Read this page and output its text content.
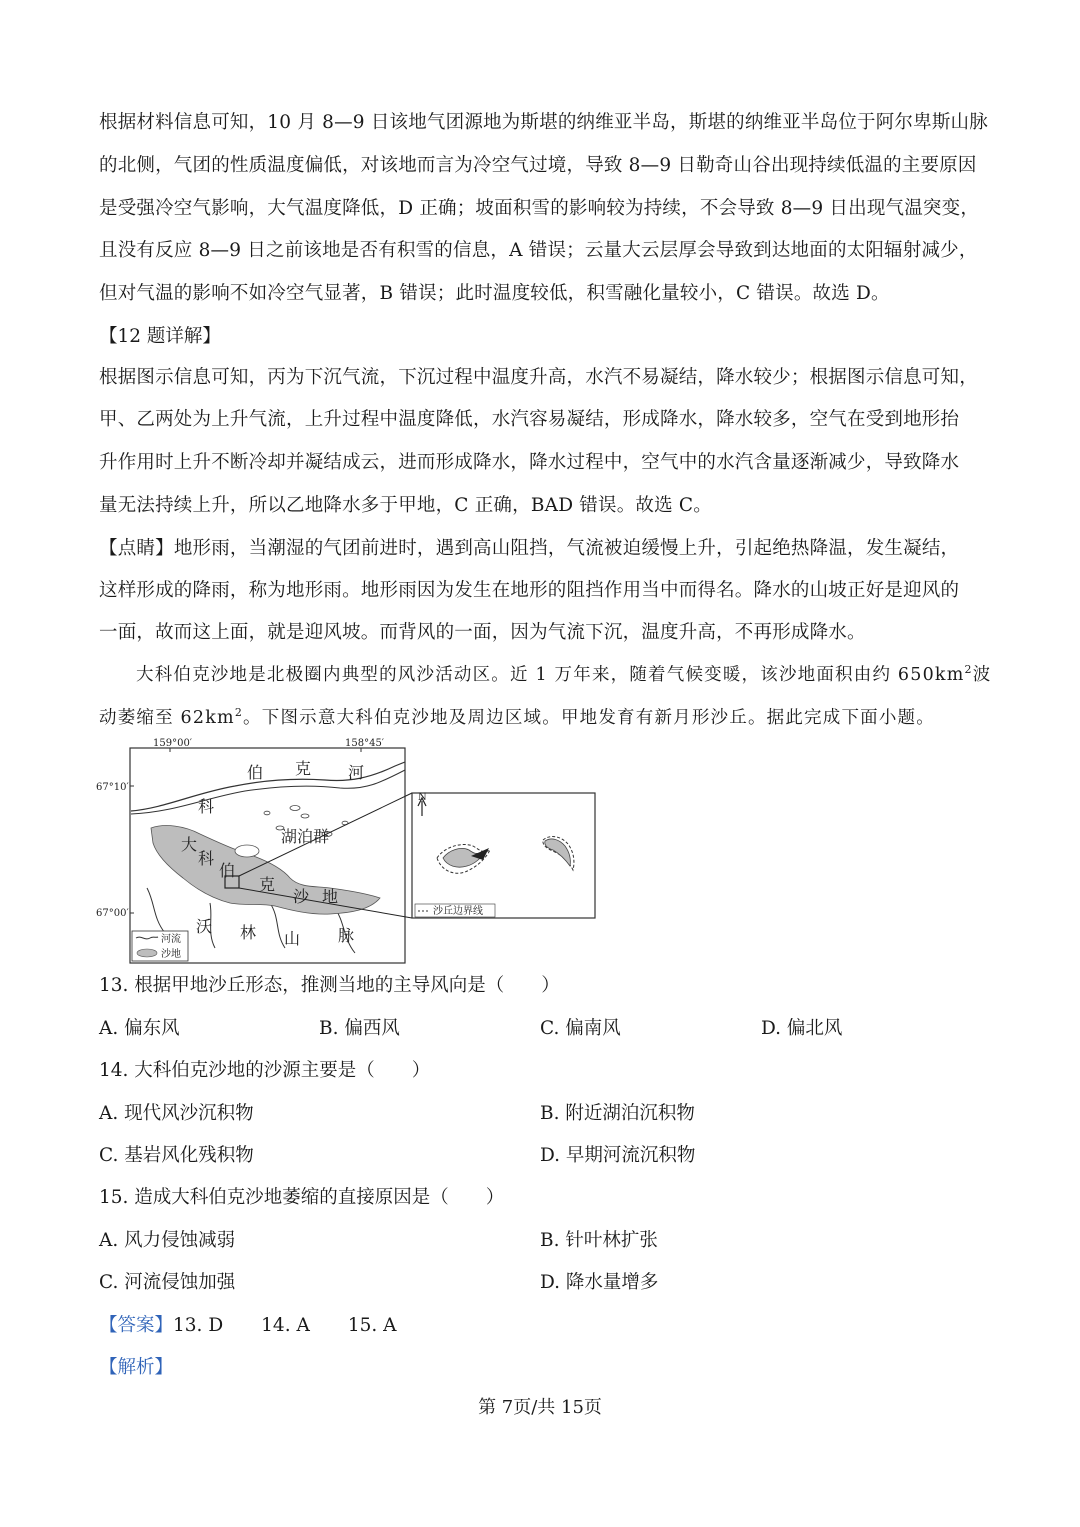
根据材料信息可知，10 月 8—9 日该地气团源地为斯堪的纳维亚半岛，斯堪的纳维亚半岛位于阿尔卑斯山脉
的北侧，气团的性质温度偏低，对该地而言为冷空气过境，导致 8—9 日勒奇山谷出现持续低温的主要原因
是受强冷空气影响，大气温度降低，D 正确；坡面积雪的影响较为持续，不会导致 8—9 日出现气温突变，
且没有反应 8—9 日之前该地是否有积雪的信息，A 错误；云量大云层厚会导致到达地面的太阳辐射减少，
但对气温的影响不如冷空气显著，B 错误；此时温度较低，积雪融化量较小，C 错误。故选 D。
【12 题详解】
根据图示信息可知，丙为下沉气流，下沉过程中温度升高，水汽不易凝结，降水较少；根据图示信息可知，
甲、乙两处为上升气流，上升过程中温度降低，水汽容易凝结，形成降水，降水较多，空气在受到地形抬
升作用时上升不断冷却并凝结成云，进而形成降水，降水过程中，空气中的水汽含量逐渐减少，导致降水
量无法持续上升，所以乙地降水多于甲地，C 正确，BAD 错误。故选 C。
【点睛】地形雨，当潮湿的气团前进时，遇到高山阻挡，气流被迫缓慢上升，引起绝热降温，发生凝结，
这样形成的降雨，称为地形雨。地形雨因为发生在地形的阻挡作用当中而得名。降水的山坡正好是迎风的
一面，故而这上面，就是迎风坡。而背风的一面，因为气流下沉，温度升高，不再形成降水。
大科伯克沙地是北极圈内典型的风沙活动区。近 1 万年来，随着气候变暖，该沙地面积由约 $650km^2$波
动萎缩至 $62km^2$。下图示意大科伯克沙地及周边区域。甲地发育有新月形沙丘。据此完成下面小题。
159°00′	158°45′
67°10′
67°00′
科
伯 克 河
湖泊群
大
科
伯
克
沙 地
沃 林 山 脉
河流
沙地
N
沙丘边界线
13. 根据甲地沙丘形态，推测当地的主导风向是（　　）
A. 偏东风	B. 偏西风	C. 偏南风	D. 偏北风
14. 大科伯克沙地的沙源主要是（　　）
A. 现代风沙沉积物	B. 附近湖泊沉积物
C. 基岩风化残积物	D. 早期河流沉积物
15. 造成大科伯克沙地萎缩的直接原因是（　　）
A. 风力侵蚀减弱	B. 针叶林扩张
C. 河流侵蚀加强	D. 降水量增多
【答案】13. D 14. A 15. A
【解析】
第 7页/共 15页
